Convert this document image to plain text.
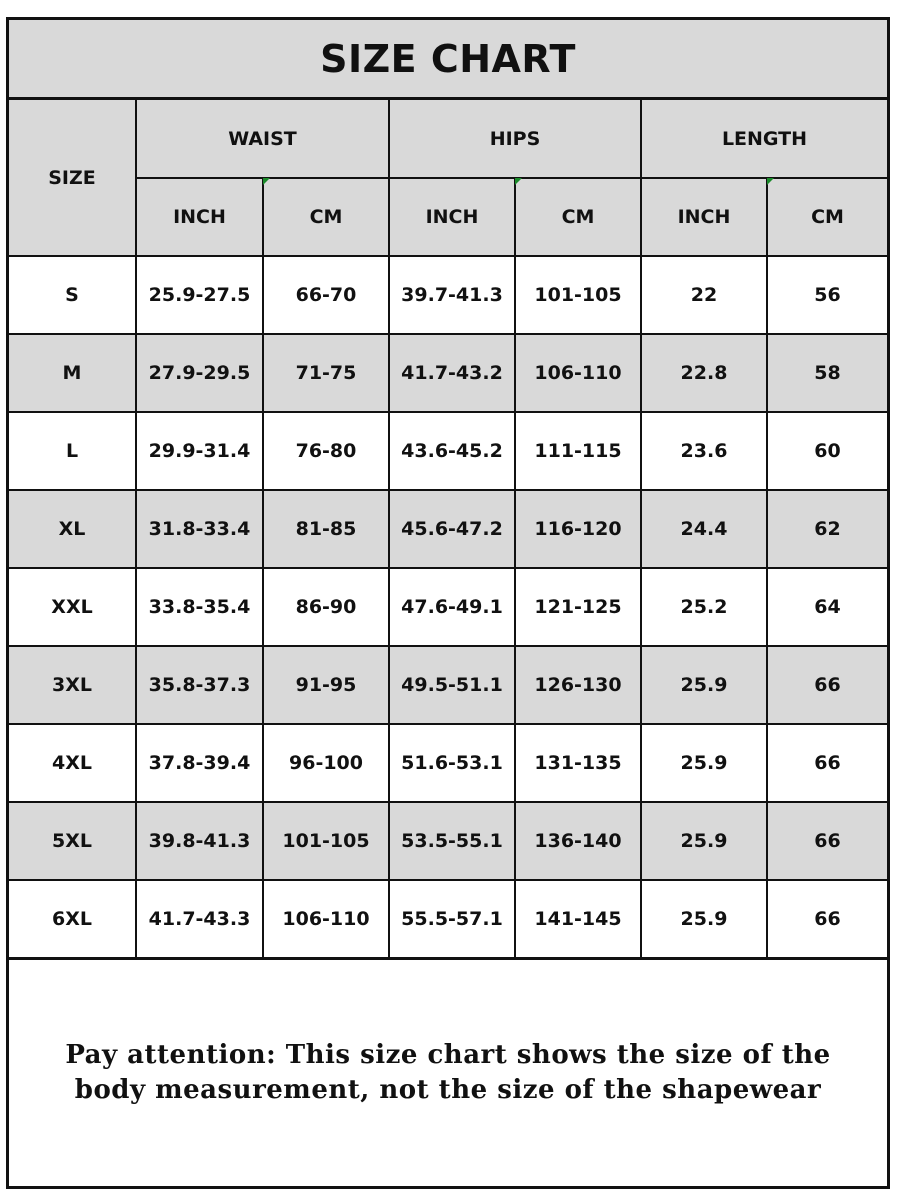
SIZE CHART
SIZE	WAIST		HIPS		LENGTH	
	INCH	CM	INCH	CM	INCH	CM
S	25.9-27.5	66-70	39.7-41.3	101-105	22	56
M	27.9-29.5	71-75	41.7-43.2	106-110	22.8	58
L	29.9-31.4	76-80	43.6-45.2	111-115	23.6	60
XL	31.8-33.4	81-85	45.6-47.2	116-120	24.4	62
XXL	33.8-35.4	86-90	47.6-49.1	121-125	25.2	64
3XL	35.8-37.3	91-95	49.5-51.1	126-130	25.9	66
4XL	37.8-39.4	96-100	51.6-53.1	131-135	25.9	66
5XL	39.8-41.3	101-105	53.5-55.1	136-140	25.9	66
6XL	41.7-43.3	106-110	55.5-57.1	141-145	25.9	66
Pay attention: This size chart shows the size of the body measurement, not the size of the shapewear
